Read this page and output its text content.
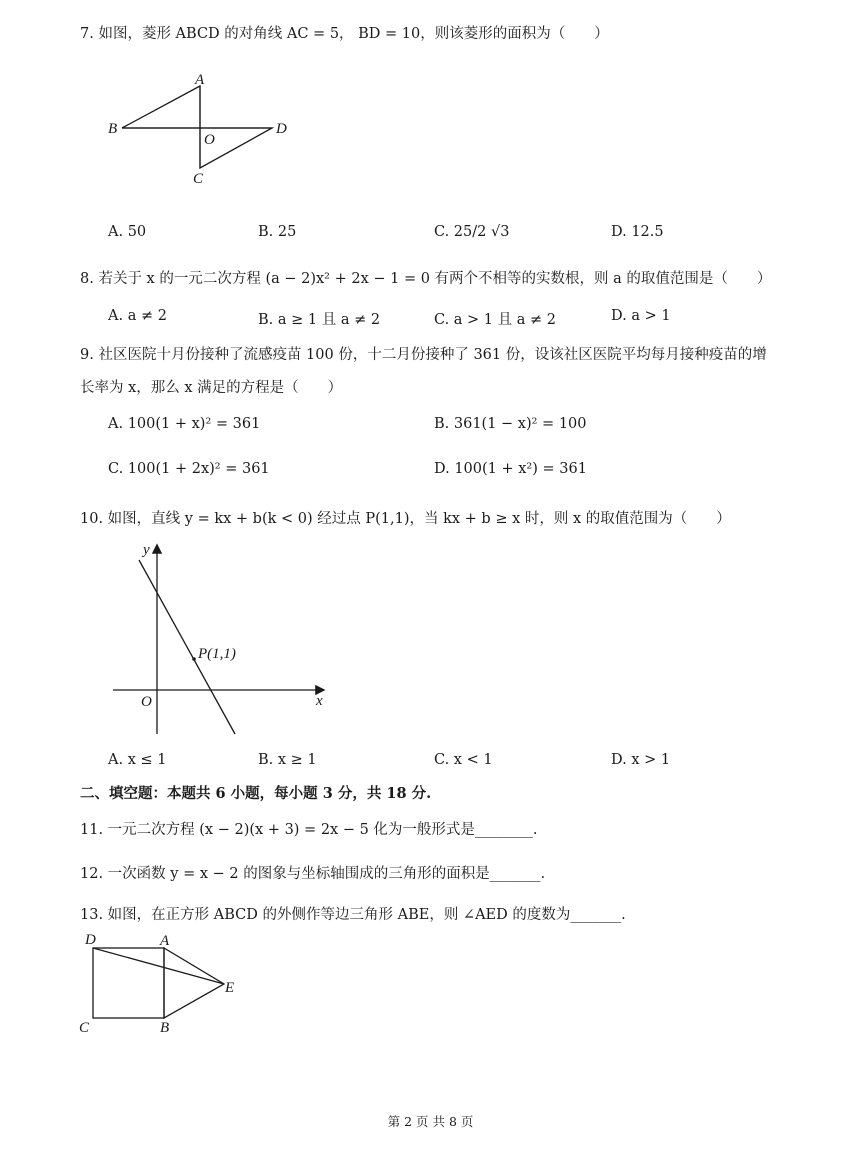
7. 如图，菱形 ABCD 的对角线 AC = 5， BD = 10，则该菱形的面积为（　　）
A
B	D
O
C
A. 50	B. 25	C. 25/2 √3	D. 12.5
8. 若关于 x 的一元二次方程 (a − 2)x² + 2x − 1 = 0 有两个不相等的实数根，则 a 的取值范围是（　　）
A. a ≠ 2	B. a ≥ 1 且 a ≠ 2	C. a > 1 且 a ≠ 2	D. a > 1
9. 社区医院十月份接种了流感疫苗 100 份，十二月份接种了 361 份，设该社区医院平均每月接种疫苗的增
长率为 x，那么 x 满足的方程是（　　）
A. 100(1 + x)² = 361	B. 361(1 − x)² = 100
C. 100(1 + 2x)² = 361	D. 100(1 + x²) = 361
10. 如图，直线 y = kx + b(k < 0) 经过点 P(1,1)，当 kx + b ≥ x 时，则 x 的取值范围为（　　）
y
x
O
P(1,1)
A. x ≤ 1	B. x ≥ 1	C. x < 1	D. x > 1
二、填空题：本题共 6 小题，每小题 3 分，共 18 分.
11. 一元二次方程 (x − 2)(x + 3) = 2x − 5 化为一般形式是________.
12. 一次函数 y = x − 2 的图象与坐标轴围成的三角形的面积是_______.
13. 如图，在正方形 ABCD 的外侧作等边三角形 ABE，则 ∠AED 的度数为_______.
D	A
E
C	B
第 2 页 共 8 页
